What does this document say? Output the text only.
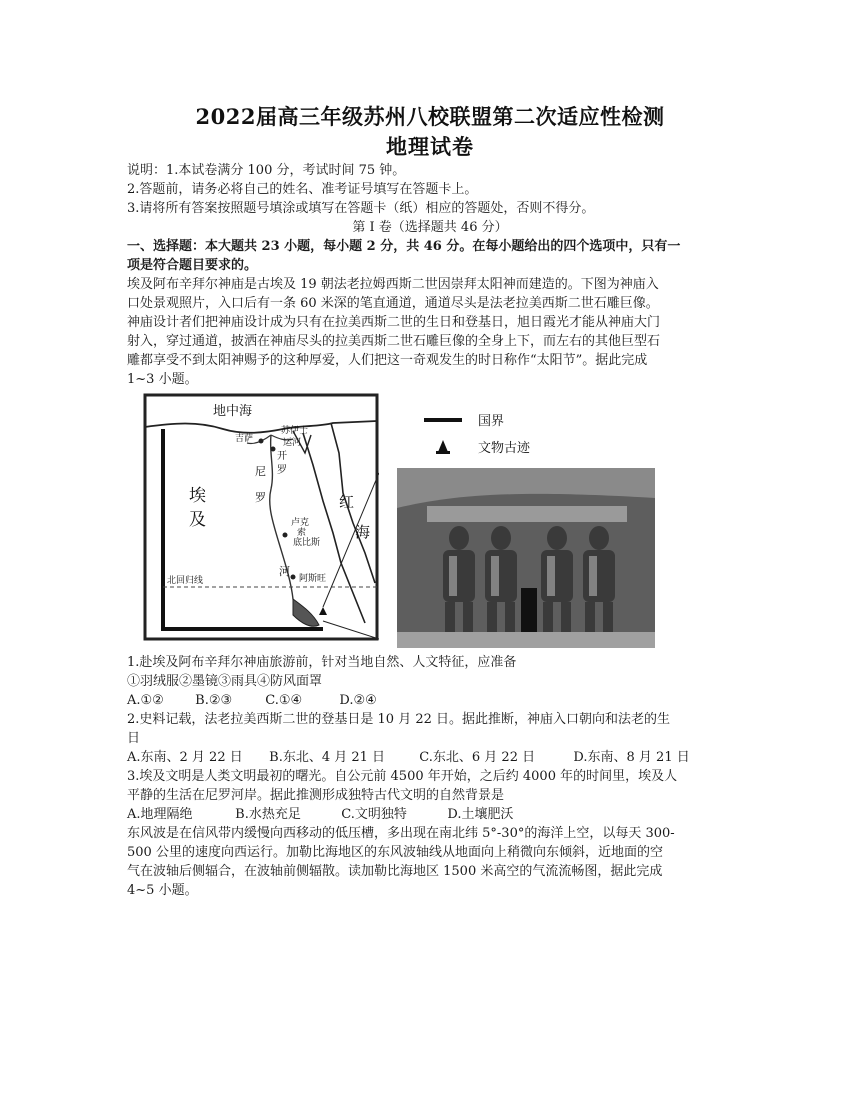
2022届高三年级苏州八校联盟第二次适应性检测
地理试卷
说明：1.本试卷满分 100 分，考试时间 75 钟。
2.答题前，请务必将自己的姓名、准考证号填写在答题卡上。
3.请将所有答案按照题号填涂或填写在答题卡（纸）相应的答题处，否则不得分。
第 I 卷（选择题共 46 分）
一、选择题：本大题共 23 小题，每小题 2 分，共 46 分。在每小题给出的四个选项中，只有一
项是符合题目要求的。
埃及阿布辛拜尔神庙是古埃及 19 朝法老拉姆西斯二世因崇拜太阳神而建造的。下图为神庙入
口处景观照片，入口后有一条 60 米深的笔直通道，通道尽头是法老拉美西斯二世石雕巨像。
神庙设计者们把神庙设计成为只有在拉美西斯二世的生日和登基日，旭日霞光才能从神庙大门
射入，穿过通道，披洒在神庙尽头的拉美西斯二世石雕巨像的全身上下，而左右的其他巨型石
雕都享受不到太阳神赐予的这种厚爱，人们把这一奇观发生的时日称作“太阳节”。据此完成
1~3 小题。
地中海
苏伊士
运河
吉萨
开
罗
尼
罗
河
埃
及
红
海
卢克
索
底比斯
阿斯旺
北回归线
国界
文物古迹
1.赴埃及阿布辛拜尔神庙旅游前，针对当地自然、人文特征，应准备
①羽绒服②墨镜③雨具④防风面罩
A.①② B.②③	C.①④	D.②④
2.史料记载，法老拉美西斯二世的登基日是 10 月 22 日。据此推断，神庙入口朝向和法老的生
日
A.东南、2 月 22 日 B.东北、4 月 21 日	C.东北、6 月 22 日	D.东南、8 月 21 日
3.埃及文明是人类文明最初的曙光。自公元前 4500 年开始，之后约 4000 年的时间里，埃及人
平静的生活在尼罗河岸。据此推测形成独特古代文明的自然背景是
A.地理隔绝	B.水热充足	C.文明独特	D.土壤肥沃
东风波是在信风带内缓慢向西移动的低压槽，多出现在南北纬 5°-30°的海洋上空，以每天 300-
500 公里的速度向西运行。加勒比海地区的东风波轴线从地面向上稍微向东倾斜，近地面的空
气在波轴后侧辐合，在波轴前侧辐散。读加勒比海地区 1500 米高空的气流流畅图，据此完成
4~5 小题。
